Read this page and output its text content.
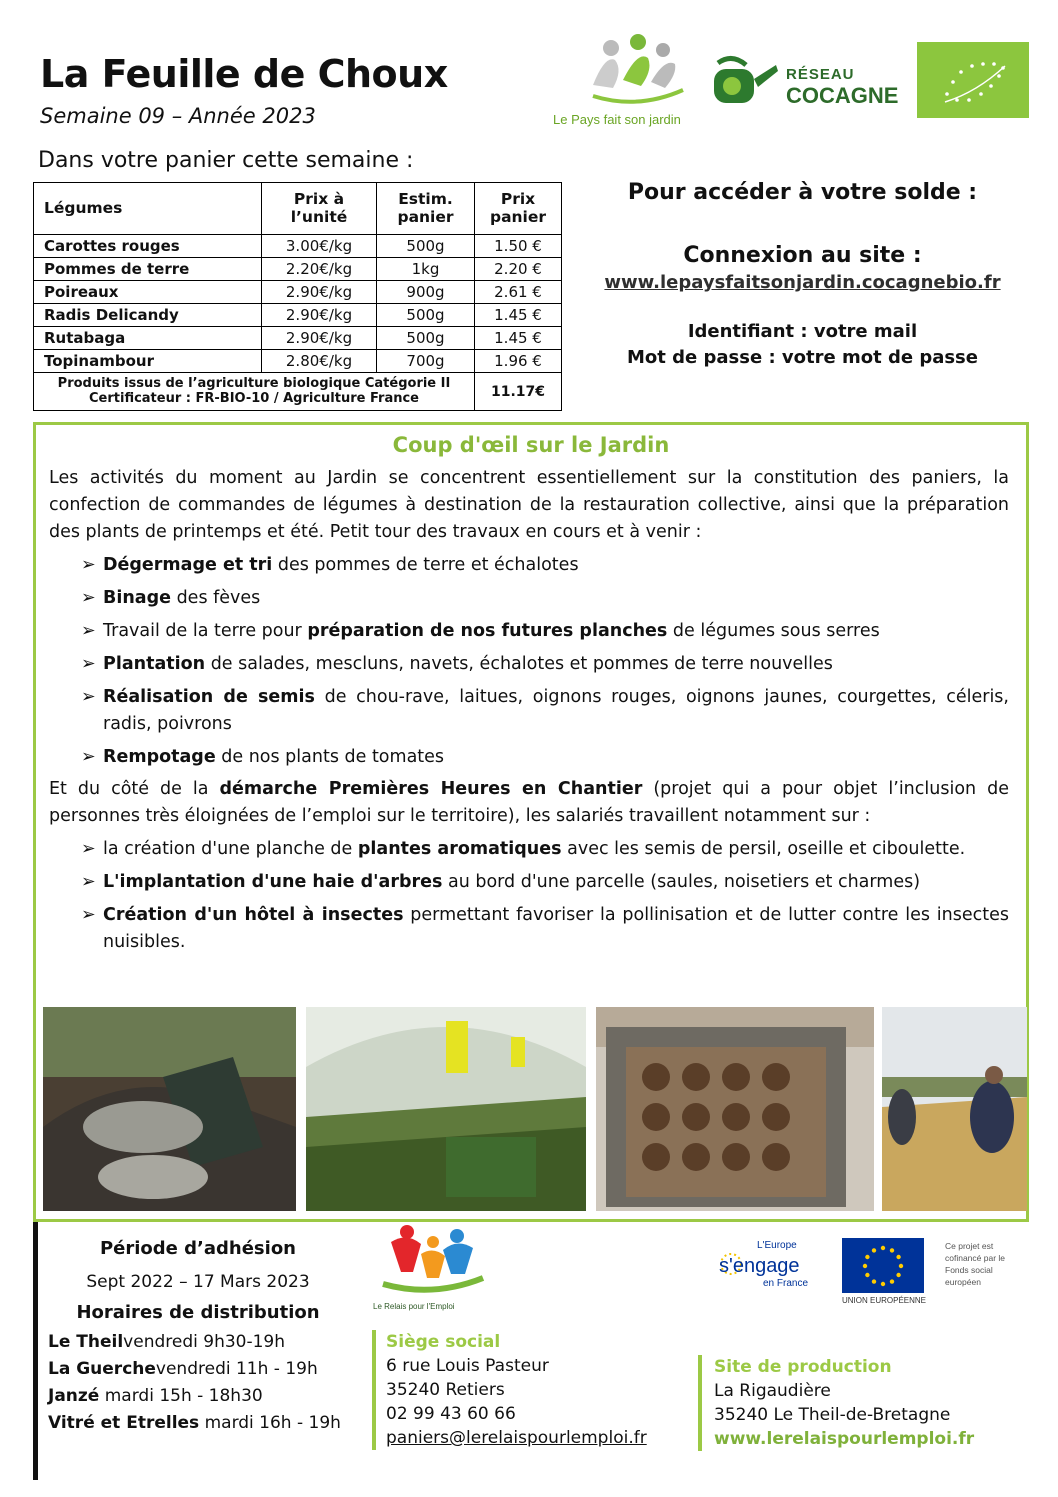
La Feuille de Choux
Semaine 09 – Année 2023	Le Pays fait son jardin
RÉSEAU
COCAGNE
Dans votre panier cette semaine :
Légumes	Prix à l’unité	Estim. panier	Prix panier
Carottes rouges	3.00€/kg	500g	1.50 €
Pommes de terre	2.20€/kg	1kg	2.20 €
Poireaux	2.90€/kg	900g	2.61 €
Radis Delicandy	2.90€/kg	500g	1.45 €
Rutabaga	2.90€/kg	500g	1.45 €
Topinambour	2.80€/kg	700g	1.96 €
Produits issus de l’agriculture biologique Catégorie II
Certificateur : FR-BIO-10 / Agriculture France			11.17€
Pour accéder à votre solde :
Connexion au site :
www.lepaysfaitsonjardin.cocagnebio.fr
Identifiant : votre mail
Mot de passe : votre mot de passe
Coup d'œil sur le Jardin

Les activités du moment au Jardin se concentrent essentiellement sur la constitution des paniers, la confection de commandes de légumes à destination de la restauration collective, ainsi que la préparation des plants de printemps et été. Petit tour des travaux en cours et à venir :

➢ Dégermage et tri des pommes de terre et échalotes
➢ Binage des fèves
➢ Travail de la terre pour préparation de nos futures planches de légumes sous serres
➢ Plantation de salades, mescluns, navets, échalotes et pommes de terre nouvelles
➢ Réalisation de semis de chou-rave, laitues, oignons rouges, oignons jaunes, courgettes, céleris, radis, poivrons
➢ Rempotage de nos plants de tomates

Et du côté de la démarche Premières Heures en Chantier (projet qui a pour objet l’inclusion de personnes très éloignées de l’emploi sur le territoire), les salariés travaillent notamment sur :

➢ la création d'une planche de plantes aromatiques avec les semis de persil, oseille et ciboulette.
➢ L'implantation d'une haie d'arbres au bord d'une parcelle (saules, noisetiers et charmes)
➢ Création d'un hôtel à insectes permettant favoriser la pollinisation et de lutter contre les insectes nuisibles.
Période d’adhésion
Sept 2022 – 17 Mars 2023
Horaires de distribution
Le Theilvendredi 9h30-19h
La Guerchevendredi 11h - 19h
Janzé mardi 15h - 18h30
Vitré et Etrelles mardi 16h - 19h
Le Relais pour l'Emploi
L'Europe
s'engage
en France
UNION EUROPÉENNE
Ce projet est cofinancé par le Fonds social européen
Siège social
6 rue Louis Pasteur
35240 Retiers
02 99 43 60 66
paniers@lerelaispourlemploi.fr
Site de production
La Rigaudière
35240 Le Theil-de-Bretagne
www.lerelaispourlemploi.fr
